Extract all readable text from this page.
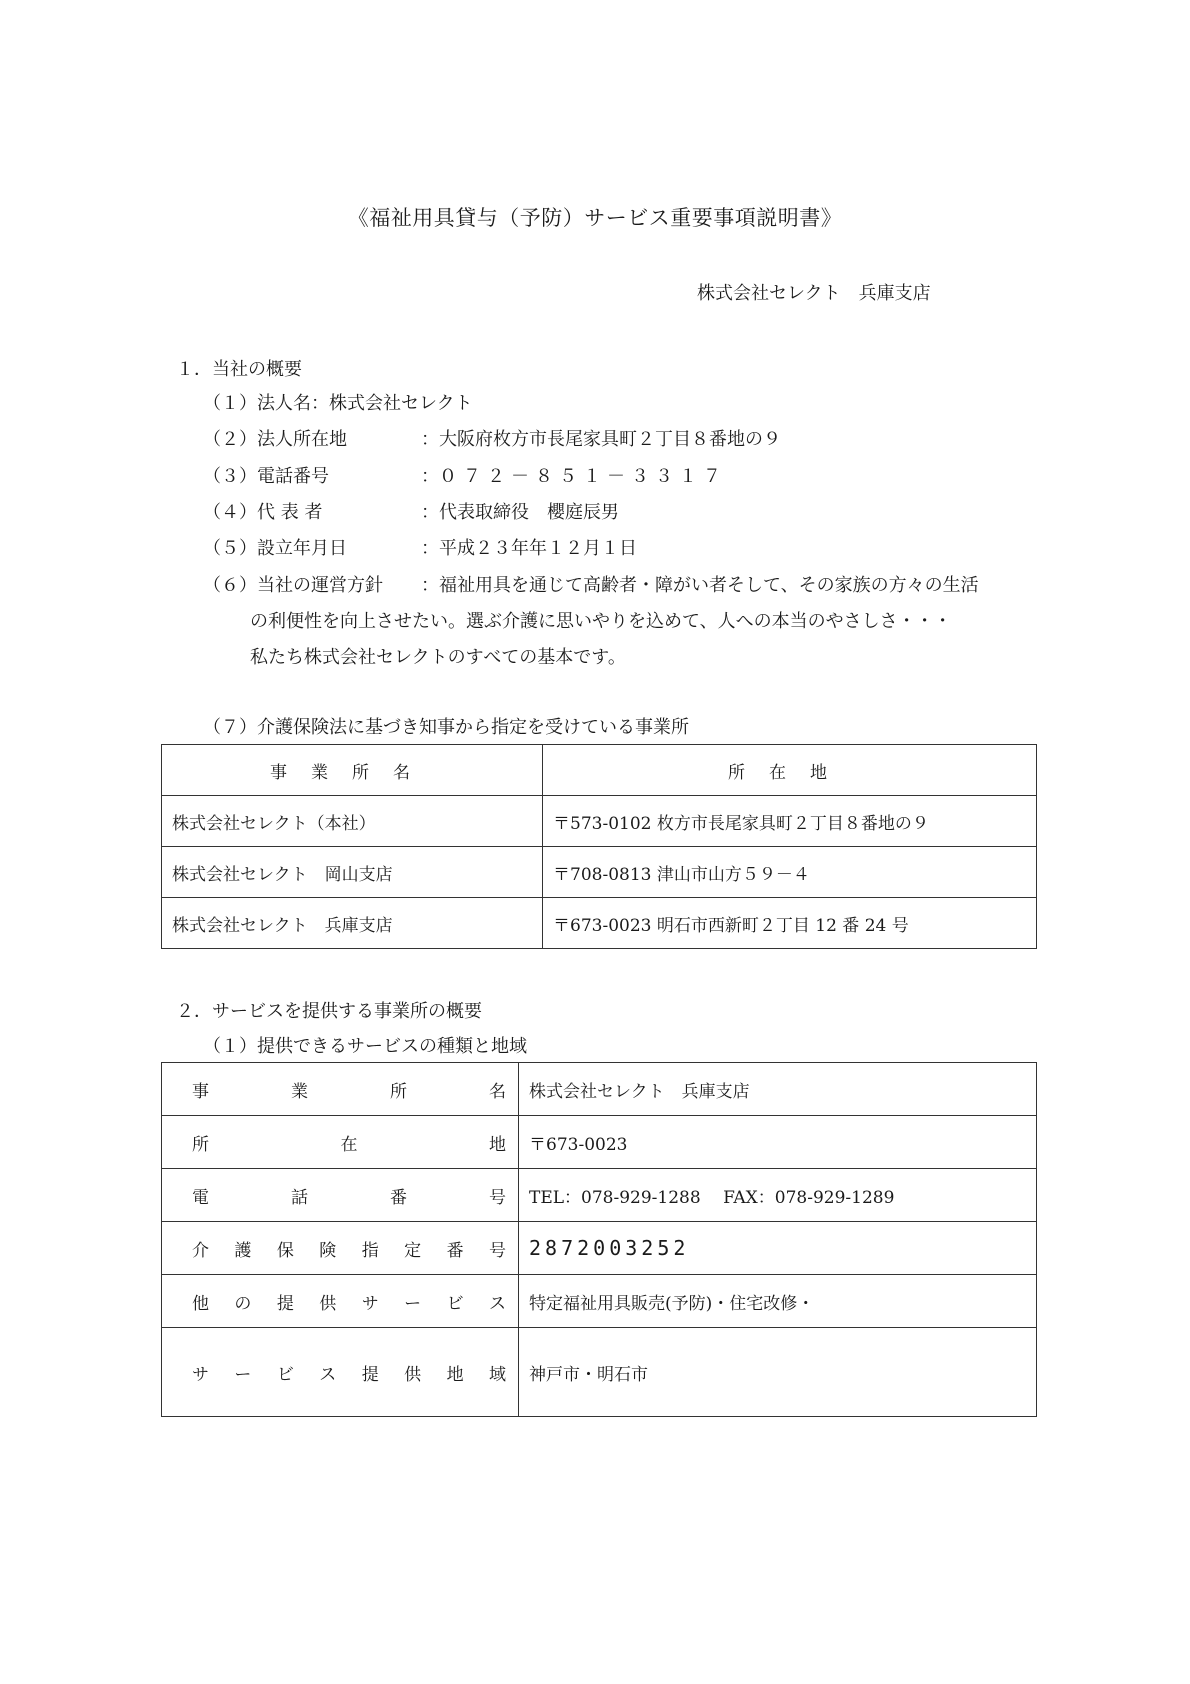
《福祉用具貸与（予防）サービス重要事項説明書》
株式会社セレクト　兵庫支店
１．当社の概要
（１）法人名：株式会社セレクト
（２）法人所在地	：大阪府枚方市長尾家具町２丁目８番地の９
（３）電話番号	：０７２－８５１－３３１７
（４）代 表 者	：代表取締役　櫻庭辰男
（５）設立年月日	：平成２３年年１２月１日
（６）当社の運営方針 ：福祉用具を通じて高齢者・障がい者そして、その家族の方々の生活
の利便性を向上させたい。選ぶ介護に思いやりを込めて、人への本当のやさしさ・・・
私たち株式会社セレクトのすべての基本です。
（７）介護保険法に基づき知事から指定を受けている事業所
事業所名	所在地
株式会社セレクト（本社）	〒573-0102 枚方市長尾家具町２丁目８番地の９
株式会社セレクト　岡山支店	〒708-0813 津山市山方５９－４
株式会社セレクト　兵庫支店	〒673-0023 明石市西新町２丁目 12 番 24 号
２．サービスを提供する事業所の概要
（１）提供できるサービスの種類と地域
事業所名	株式会社セレクト　兵庫支店
所在地	〒673-0023
電話番号	TEL：078-929-1288　 FAX：078-929-1289
介護保険指定番号	2872003252
他の提供サービス	特定福祉用具販売(予防)・住宅改修・
サービス提供地域	神戸市・明石市
